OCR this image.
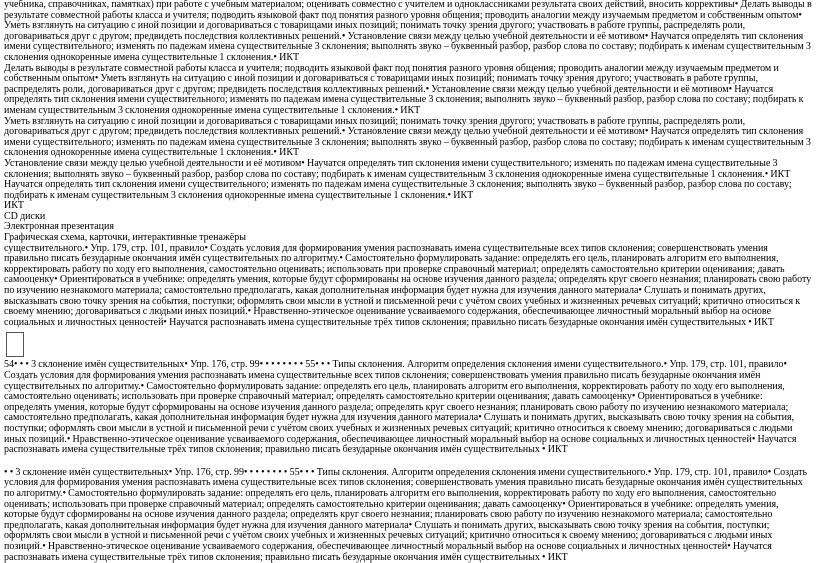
учебника, справочниках, памятках) при работе с учебным материалом; оценивать совместно с учителем и одноклассниками результата своих действий, вносить коррективы• Делать выводы в результате совместной работы класса и учителя; подводить языковой факт под понятия разного уровня общения; проводить аналогии между изучаемым предметом и собственным опытом• Уметь взглянуть на ситуацию с иной позиции и договариваться с товарищами иных позиций; понимать точку зрения другого; участвовать в работе группы, распределять роли, договариваться друг с другом; предвидеть последствия коллективных решений.• Установление связи между целью учебной деятельности и её мотивом• Научатся определять тип склонения имени существительного; изменять по падежам имена существительные 3 склонения; выполнять звуко – буквенный разбор, разбор слова по составу; подбирать к именам существительным 3 склонения однокоренные имена существительные 1 склонения.• ИКТ

Делать выводы в результате совместной работы класса и учителя; подводить языковой факт под понятия разного уровня общения; проводить аналогии между изучаемым предметом и собственным опытом• Уметь взглянуть на ситуацию с иной позиции и договариваться с товарищами иных позиций; понимать точку зрения другого; участвовать в работе группы, распределять роли, договариваться друг с другом; предвидеть последствия коллективных решений.• Установление связи между целью учебной деятельности и её мотивом• Научатся определять тип склонения имени существительного; изменять по падежам имена существительные 3 склонения; выполнять звуко – буквенный разбор, разбор слова по составу; подбирать к именам существительным 3 склонения однокоренные имена существительные 1 склонения.• ИКТ

Уметь взглянуть на ситуацию с иной позиции и договариваться с товарищами иных позиций; понимать точку зрения другого; участвовать в работе группы, распределять роли, договариваться друг с другом; предвидеть последствия коллективных решений.• Установление связи между целью учебной деятельности и её мотивом• Научатся определять тип склонения имени существительного; изменять по падежам имена существительные 3 склонения; выполнять звуко – буквенный разбор, разбор слова по составу; подбирать к именам существительным 3 склонения однокоренные имена существительные 1 склонения.• ИКТ

Установление связи между целью учебной деятельности и её мотивом• Научатся определять тип склонения имени существительного; изменять по падежам имена существительные 3 склонения; выполнять звуко – буквенный разбор, разбор слова по составу; подбирать к именам существительным 3 склонения однокоренные имена существительные 1 склонения.• ИКТ

Научатся определять тип склонения имени существительного; изменять по падежам имена существительные 3 склонения; выполнять звуко – буквенный разбор, разбор слова по составу; подбирать к именам существительным 3 склонения однокоренные имена существительные 1 склонения.• ИКТ

ИКТ

CD диски

Электронная презентация

Графическая схема, карточки, интерактивные тренажёры

существительного.• Упр. 179, стр. 101, правило• Создать условия для формирования умения распознавать имена существительные всех типов склонения; совершенствовать умения правильно писать безударные окончания имён существительных по алгоритму.• Самостоятельно формулировать задание: определять его цель, планировать алгоритм его выполнения, корректировать работу по ходу его выполнения, самостоятельно оценивать; использовать при проверке справочный материал; определять самостоятельно критерии оценивания; давать самооценку• Ориентироваться в учебнике: определять умения, которые будут сформированы на основе изучения данного раздела; определять круг своего незнания; планировать свою работу по изучению незнакомого материала; самостоятельно предполагать, какая дополнительная информация будет нужна для изучения данного материала• Слушать и понимать других, высказывать свою точку зрения на события, поступки; оформлять свои мысли в устной и письменной речи с учётом своих учебных и жизненных речевых ситуаций; критично относиться к своему мнению; договариваться с людьми иных позиций.• Нравственно-этическое оценивание усваиваемого содержания, обеспечивающее личностный моральный выбор на основе социальных и личностных ценностей• Научатся распознавать имена существительные трёх типов склонения; правильно писать безударные окончания имён существительных • ИКТ

54• • • 3 склонение имён существительных• Упр. 176, стр. 99• • • • • • • • 55• • • Типы склонения. Алгоритм определения склонения имени существительного.• Упр. 179, стр. 101, правило• Создать условия для формирования умения распознавать имена существительные всех типов склонения; совершенствовать умения правильно писать безударные окончания имён существительных по алгоритму.• Самостоятельно формулировать задание: определять его цель, планировать алгоритм его выполнения, корректировать работу по ходу его выполнения, самостоятельно оценивать; использовать при проверке справочный материал; определять самостоятельно критерии оценивания; давать самооценку• Ориентироваться в учебнике: определять умения, которые будут сформированы на основе изучения данного раздела; определять круг своего незнания; планировать свою работу по изучению незнакомого материала; самостоятельно предполагать, какая дополнительная информация будет нужна для изучения данного материала• Слушать и понимать других, высказывать свою точку зрения на события, поступки; оформлять свои мысли в устной и письменной речи с учётом своих учебных и жизненных речевых ситуаций; критично относиться к своему мнению; договариваться с людьми иных позиций.• Нравственно-этическое оценивание усваиваемого содержания, обеспечивающее личностный моральный выбор на основе социальных и личностных ценностей• Научатся распознавать имена существительные трёх типов склонения; правильно писать безударные окончания имён существительных • ИКТ

• • 3 склонение имён существительных• Упр. 176, стр. 99• • • • • • • • 55• • • Типы склонения. Алгоритм определения склонения имени существительного.• Упр. 179, стр. 101, правило• Создать условия для формирования умения распознавать имена существительные всех типов склонения; совершенствовать умения правильно писать безударные окончания имён существительных по алгоритму.• Самостоятельно формулировать задание: определять его цель, планировать алгоритм его выполнения, корректировать работу по ходу его выполнения, самостоятельно оценивать; использовать при проверке справочный материал; определять самостоятельно критерии оценивания; давать самооценку• Ориентироваться в учебнике: определять умения, которые будут сформированы на основе изучения данного раздела; определять круг своего незнания; планировать свою работу по изучению незнакомого материала; самостоятельно предполагать, какая дополнительная информация будет нужна для изучения данного материала• Слушать и понимать других, высказывать свою точку зрения на события, поступки; оформлять свои мысли в устной и письменной речи с учётом своих учебных и жизненных речевых ситуаций; критично относиться к своему мнению; договариваться с людьми иных позиций.• Нравственно-этическое оценивание усваиваемого содержания, обеспечивающее личностный моральный выбор на основе социальных и личностных ценностей• Научатся распознавать имена существительные трёх типов склонения; правильно писать безударные окончания имён существительных • ИКТ
